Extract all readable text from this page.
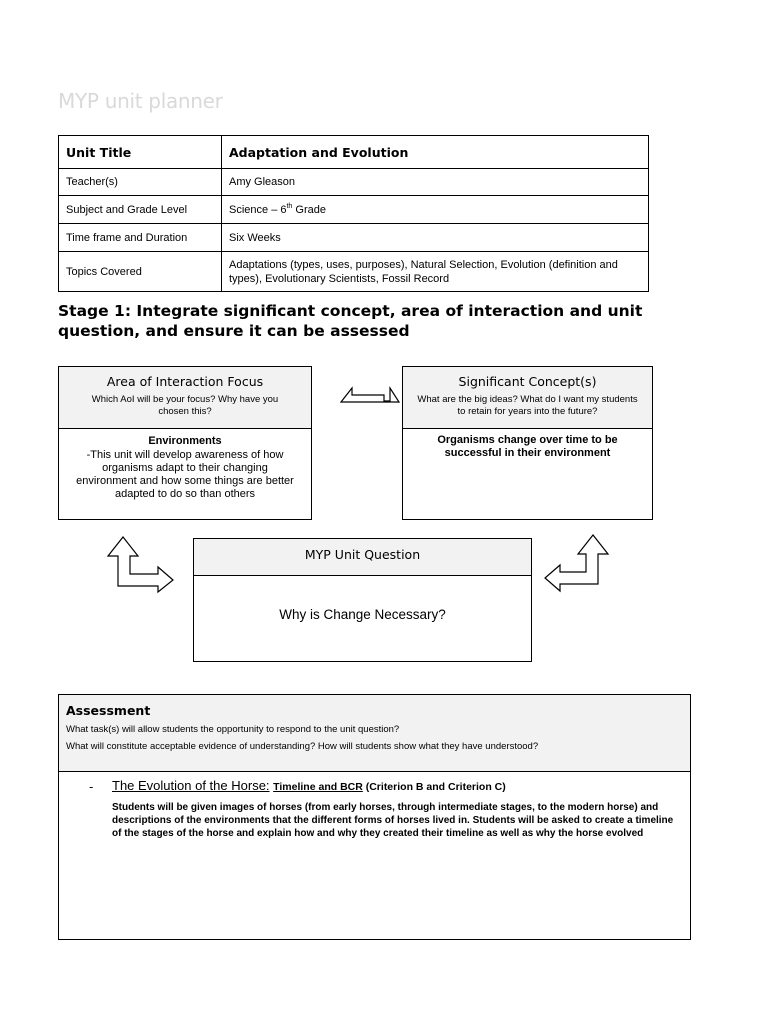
MYP unit planner
Unit Title	Adaptation and Evolution
Teacher(s)	Amy Gleason
Subject and Grade Level	Science – 6th Grade
Time frame and Duration	Six Weeks
Topics Covered	Adaptations (types, uses, purposes), Natural Selection, Evolution (definition and types), Evolutionary Scientists, Fossil Record
Stage 1: Integrate significant concept, area of interaction and unit question, and ensure it can be assessed
Area of Interaction Focus
Which AoI will be your focus? Why have you chosen this?
Environments
-This unit will develop awareness of how organisms adapt to their changing environment and how some things are better adapted to do so than others
Significant Concept(s)
What are the big ideas? What do I want my students to retain for years into the future?
Organisms change over time to be successful in their environment
MYP Unit Question
Why is Change Necessary?
Assessment
What task(s) will allow students the opportunity to respond to the unit question?
What will constitute acceptable evidence of understanding? How will students show what they have understood?
- The Evolution of the Horse: Timeline and BCR (Criterion B and Criterion C)
Students will be given images of horses (from early horses, through intermediate stages, to the modern horse) and descriptions of the environments that the different forms of horses lived in. Students will be asked to create a timeline of the stages of the horse and explain how and why they created their timeline as well as why the horse evolved
